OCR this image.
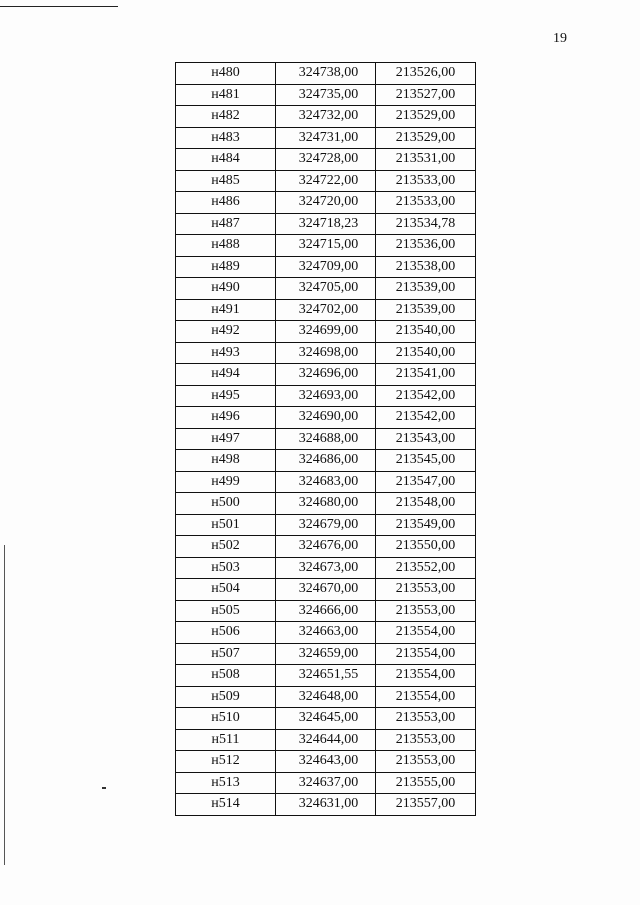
19
н480	324738,00	213526,00
н481	324735,00	213527,00
н482	324732,00	213529,00
н483	324731,00	213529,00
н484	324728,00	213531,00
н485	324722,00	213533,00
н486	324720,00	213533,00
н487	324718,23	213534,78
н488	324715,00	213536,00
н489	324709,00	213538,00
н490	324705,00	213539,00
н491	324702,00	213539,00
н492	324699,00	213540,00
н493	324698,00	213540,00
н494	324696,00	213541,00
н495	324693,00	213542,00
н496	324690,00	213542,00
н497	324688,00	213543,00
н498	324686,00	213545,00
н499	324683,00	213547,00
н500	324680,00	213548,00
н501	324679,00	213549,00
н502	324676,00	213550,00
н503	324673,00	213552,00
н504	324670,00	213553,00
н505	324666,00	213553,00
н506	324663,00	213554,00
н507	324659,00	213554,00
н508	324651,55	213554,00
н509	324648,00	213554,00
н510	324645,00	213553,00
н511	324644,00	213553,00
н512	324643,00	213553,00
н513	324637,00	213555,00
н514	324631,00	213557,00
